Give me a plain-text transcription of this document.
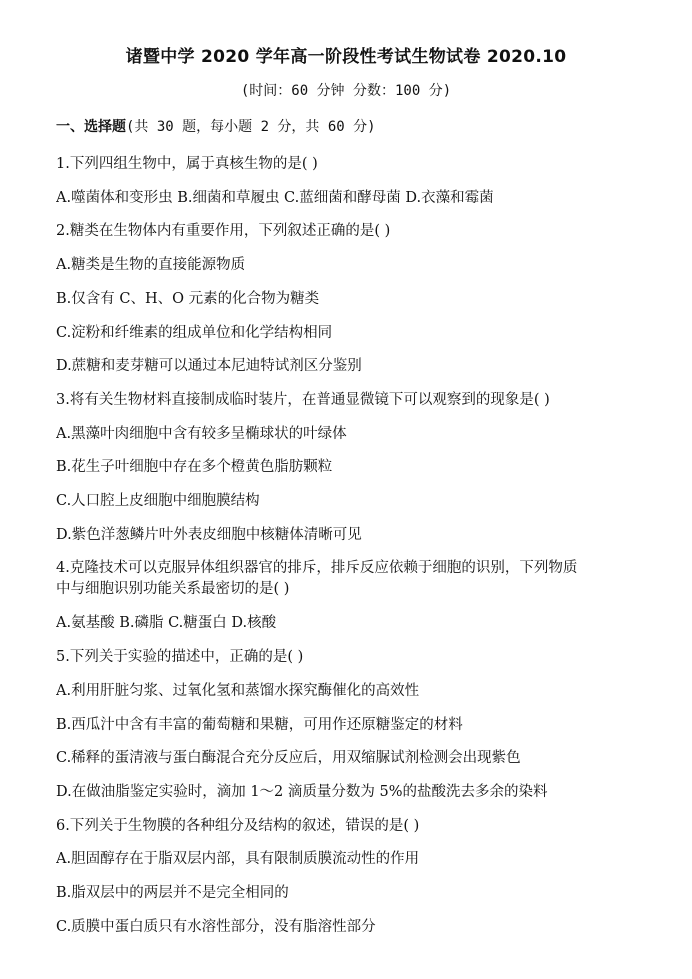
诸暨中学 2020 学年高一阶段性考试生物试卷 2020.10
(时间：60 分钟 分数：100 分)
一、选择题(共 30 题，每小题 2 分，共 60 分)

1.下列四组生物中，属于真核生物的是( )

A.噬菌体和变形虫 B.细菌和草履虫 C.蓝细菌和酵母菌 D.衣藻和霉菌

2.糖类在生物体内有重要作用，下列叙述正确的是( )

A.糖类是生物的直接能源物质

B.仅含有 C、H、O 元素的化合物为糖类

C.淀粉和纤维素的组成单位和化学结构相同

D.蔗糖和麦芽糖可以通过本尼迪特试剂区分鉴别

3.将有关生物材料直接制成临时装片，在普通显微镜下可以观察到的现象是( )

A.黑藻叶肉细胞中含有较多呈椭球状的叶绿体

B.花生子叶细胞中存在多个橙黄色脂肪颗粒

C.人口腔上皮细胞中细胞膜结构

D.紫色洋葱鳞片叶外表皮细胞中核糖体清晰可见

4.克隆技术可以克服异体组织器官的排斥，排斥反应依赖于细胞的识别，下列物质
中与细胞识别功能关系最密切的是( )

A.氨基酸 B.磷脂 C.糖蛋白 D.核酸

5.下列关于实验的描述中，正确的是( )

A.利用肝脏匀浆、过氧化氢和蒸馏水探究酶催化的高效性

B.西瓜汁中含有丰富的葡萄糖和果糖，可用作还原糖鉴定的材料

C.稀释的蛋清液与蛋白酶混合充分反应后，用双缩脲试剂检测会出现紫色

D.在做油脂鉴定实验时，滴加 1～2 滴质量分数为 5%的盐酸洗去多余的染料

6.下列关于生物膜的各种组分及结构的叙述，错误的是( )

A.胆固醇存在于脂双层内部，具有限制质膜流动性的作用

B.脂双层中的两层并不是完全相同的

C.质膜中蛋白质只有水溶性部分，没有脂溶性部分
